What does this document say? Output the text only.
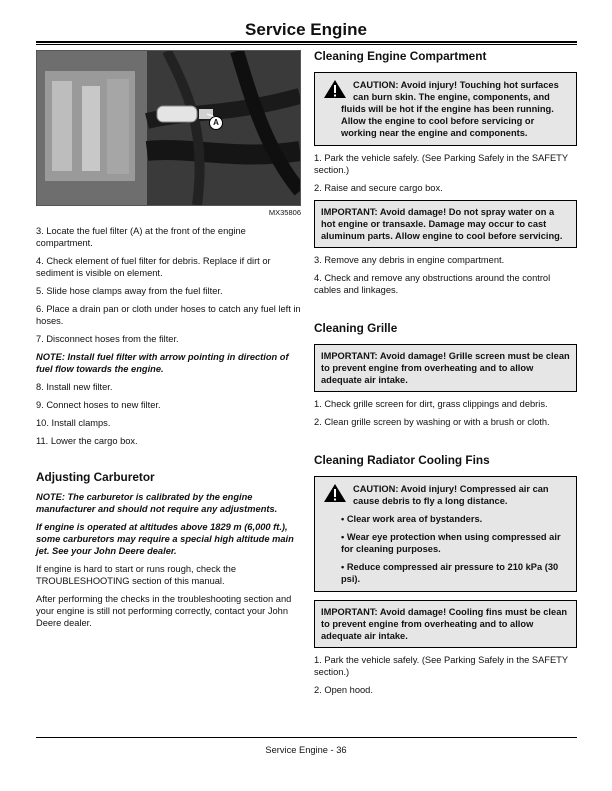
Service Engine
A
MX35806

3. Locate the fuel filter (A) at the front of the engine compartment.

4. Check element of fuel filter for debris. Replace if dirt or sediment is visible on element.

5. Slide hose clamps away from the fuel filter.

6. Place a drain pan or cloth under hoses to catch any fuel left in hoses.

7. Disconnect hoses from the filter.

NOTE: Install fuel filter with arrow pointing in direction of fuel flow towards the engine.

8. Install new filter.

9. Connect hoses to new filter.

10. Install clamps.

11. Lower the cargo box.

Adjusting Carburetor

NOTE: The carburetor is calibrated by the engine manufacturer and should not require any adjustments.

If engine is operated at altitudes above 1829 m (6,000 ft.), some carburetors may require a special high altitude main jet. See your John Deere dealer.

If engine is hard to start or runs rough, check the TROUBLESHOOTING section of this manual.

After performing the checks in the troubleshooting section and your engine is still not performing correctly, contact your John Deere dealer.

Cleaning Engine Compartment
CAUTION: Avoid injury! Touching hot surfaces can burn skin. The engine, components, and fluids will be hot if the engine has been running. Allow the engine to cool before servicing or working near the engine and components.

1. Park the vehicle safely. (See Parking Safely in the SAFETY section.)

2. Raise and secure cargo box.

IMPORTANT: Avoid damage! Do not spray water on a hot engine or transaxle. Damage may occur to cast aluminum parts. Allow engine to cool before servicing.

3. Remove any debris in engine compartment.

4. Check and remove any obstructions around the control cables and linkages.

Cleaning Grille
IMPORTANT: Avoid damage! Grille screen must be clean to prevent engine from overheating and to allow adequate air intake.

1. Check grille screen for dirt, grass clippings and debris.

2. Clean grille screen by washing or with a brush or cloth.

Cleaning Radiator Cooling Fins

CAUTION: Avoid injury! Compressed air can cause debris to fly a long distance.

• Clear work area of bystanders.

• Wear eye protection when using compressed air for cleaning purposes.

• Reduce compressed air pressure to 210 kPa (30 psi).

IMPORTANT: Avoid damage! Cooling fins must be clean to prevent engine from overheating and to allow adequate air intake.

1. Park the vehicle safely. (See Parking Safely in the SAFETY section.)

2. Open hood.

Service Engine - 36
